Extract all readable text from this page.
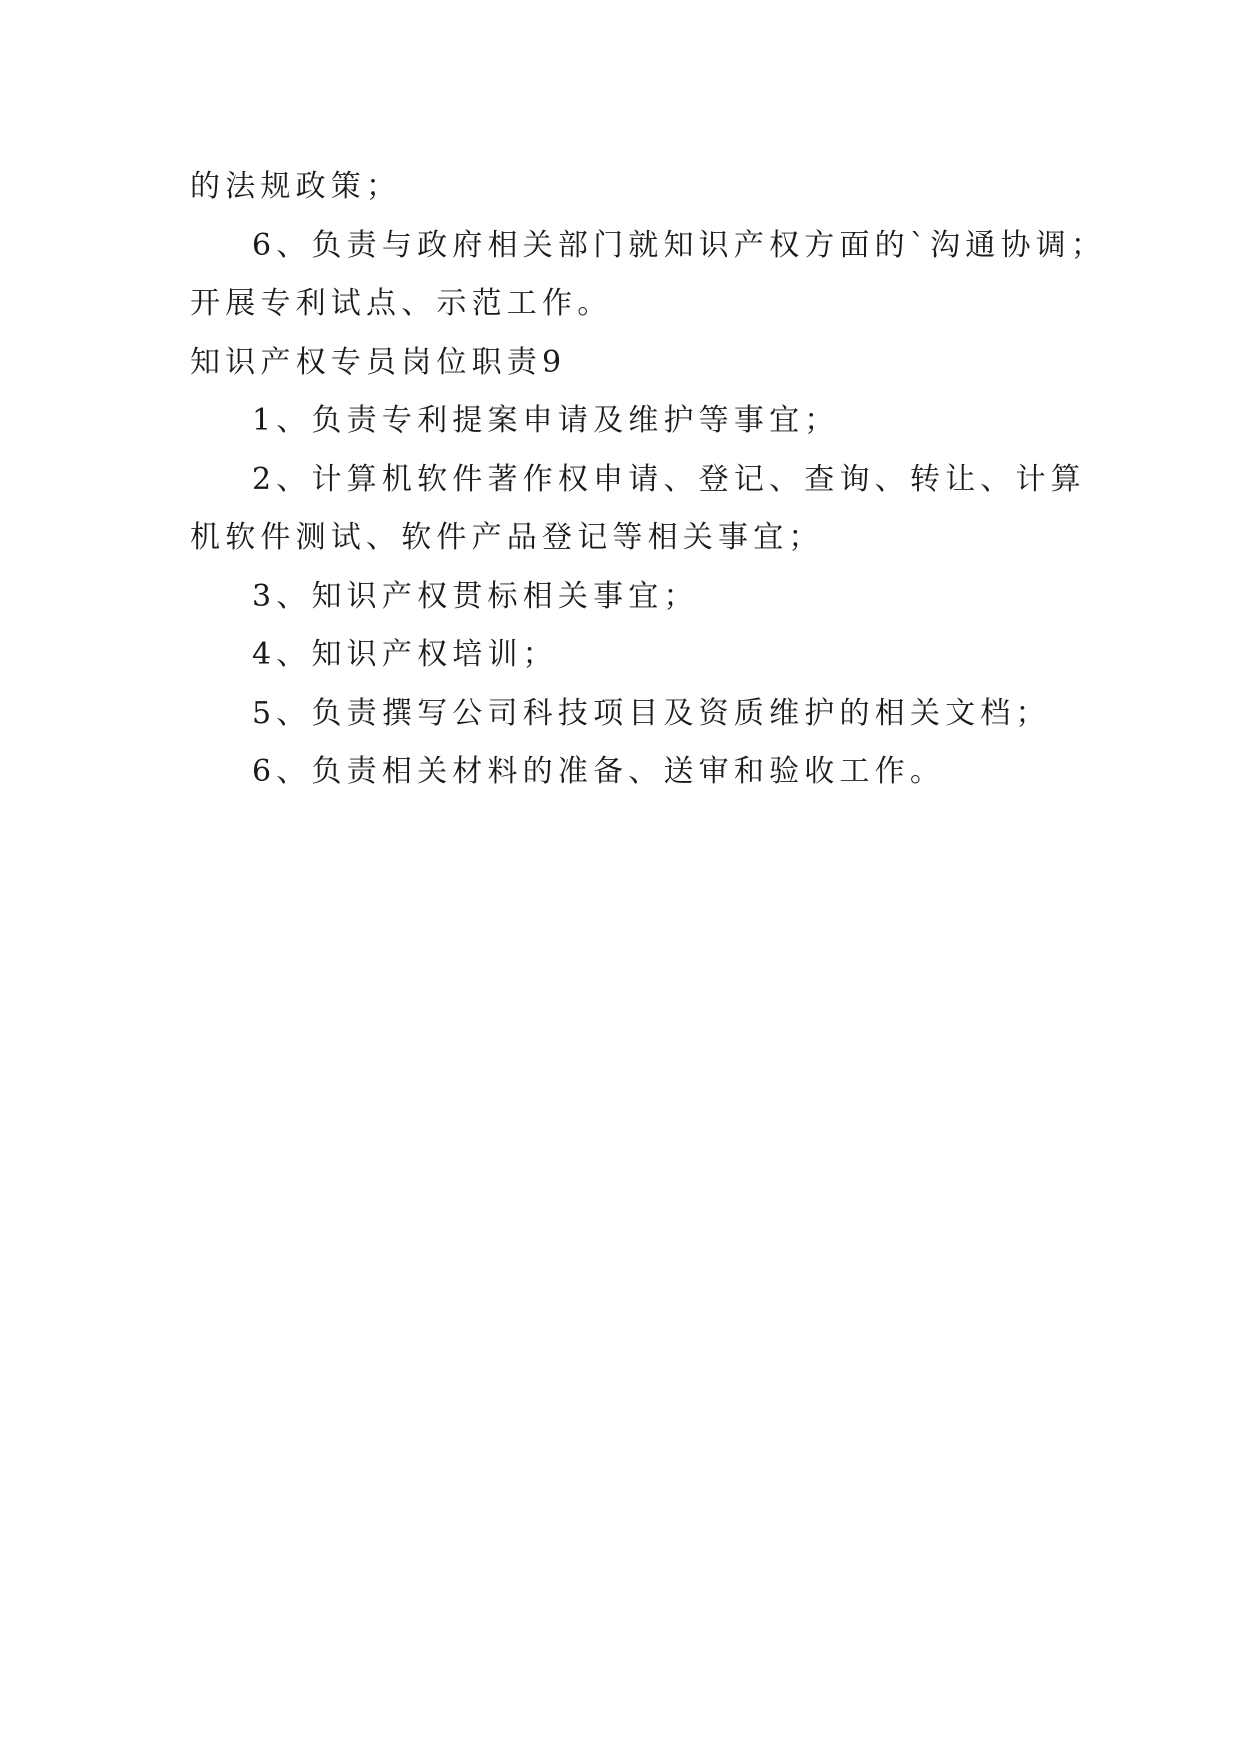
的法规政策；

6、负责与政府相关部门就知识产权方面的`沟通协调；

开展专利试点、示范工作。

知识产权专员岗位职责9

1、负责专利提案申请及维护等事宜；

2、计算机软件著作权申请、登记、查询、转让、计算

机软件测试、软件产品登记等相关事宜；

3、知识产权贯标相关事宜；

4、知识产权培训；

5、负责撰写公司科技项目及资质维护的相关文档；

6、负责相关材料的准备、送审和验收工作。
